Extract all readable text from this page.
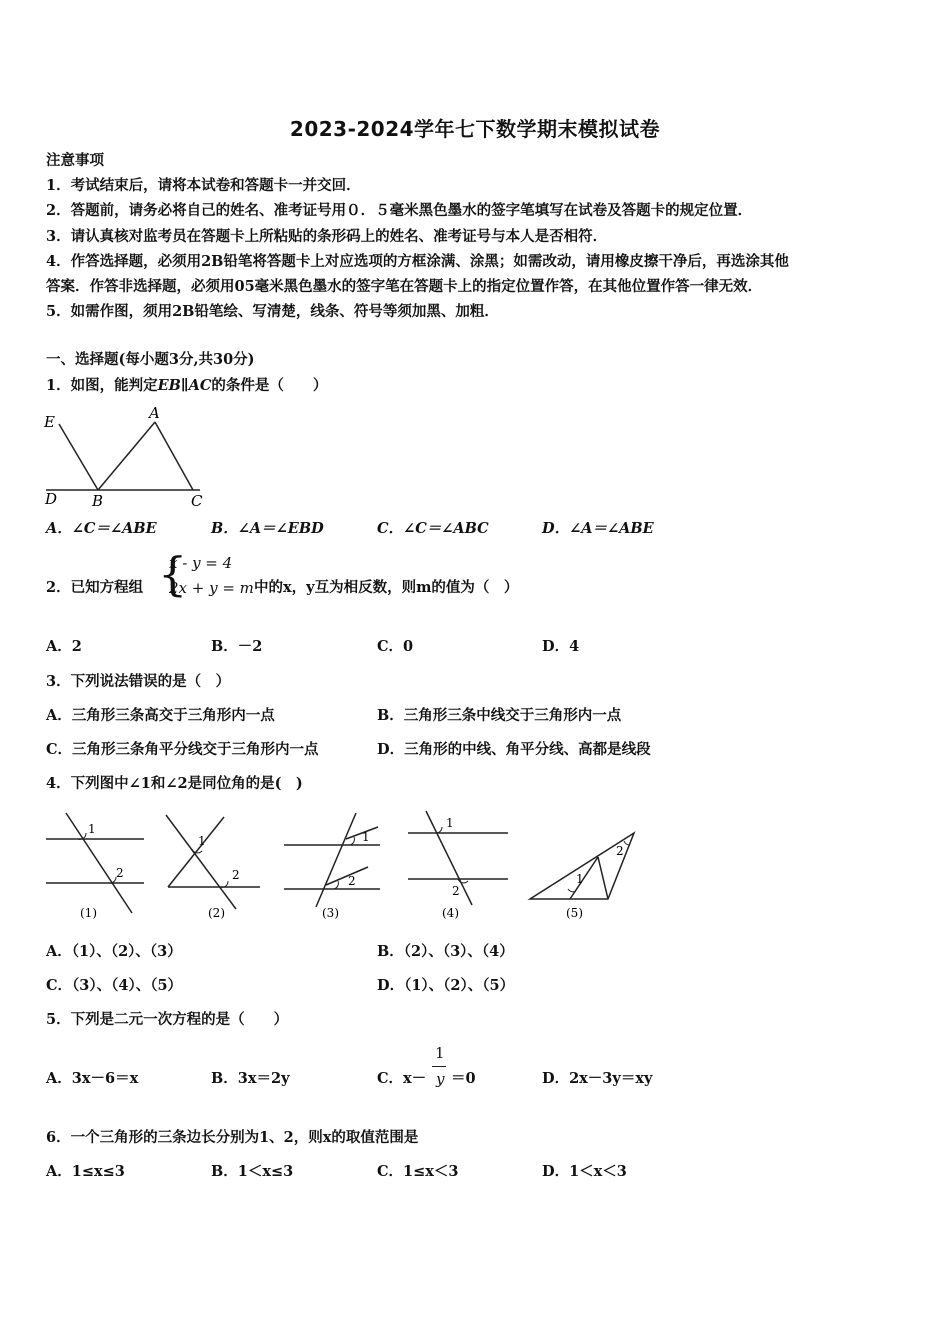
2023-2024学年七下数学期末模拟试卷
注意事项
1．考试结束后，请将本试卷和答题卡一并交回．
2．答题前，请务必将自己的姓名、准考证号用０．５毫米黑色墨水的签字笔填写在试卷及答题卡的规定位置．
3．请认真核对监考员在答题卡上所粘贴的条形码上的姓名、准考证号与本人是否相符．
4．作答选择题，必须用2B铅笔将答题卡上对应选项的方框涂满、涂黑；如需改动，请用橡皮擦干净后，再选涂其他
答案．作答非选择题，必须用05毫米黑色墨水的签字笔在答题卡上的指定位置作答，在其他位置作答一律无效．
5．如需作图，须用2B铅笔绘、写清楚，线条、符号等须加黑、加粗．
一、选择题(每小题3分,共30分)
1．如图，能判定EB∥AC的条件是（　　）
E	A
D B	C
A．∠C＝∠ABE	B．∠A＝∠EBD	C．∠C＝∠ABC	D．∠A＝∠ABE
2．已知方程组 {
x - y = 4
2x + y = m 中的x，y互为相反数，则m的值为（　）
A．2	B．－2	C．0	D．4
3．下列说法错误的是（　）
A．三角形三条高交于三角形内一点	B．三角形三条中线交于三角形内一点
C．三角形三条角平分线交于三角形内一点	D．三角形的中线、角平分线、高都是线段
4．下列图中∠1和∠2是同位角的是(　)
1
2
(1)
1
2
(2)
1
2
(3)
1
2
(4)
1
2
(5)
A．（1）、（2）、（3）	B．（2）、（3）、（4）
C．（3）、（4）、（5）	D．（1）、（2）、（5）
5．下列是二元一次方程的是（　　）
A．3x－6＝x	B．3x＝2y	C．x－
1
y ＝0	D．2x－3y＝xy
6．一个三角形的三条边长分别为1、2，则x的取值范围是
A．1≤x≤3	B．1＜x≤3	C．1≤x＜3	D．1＜x＜3
